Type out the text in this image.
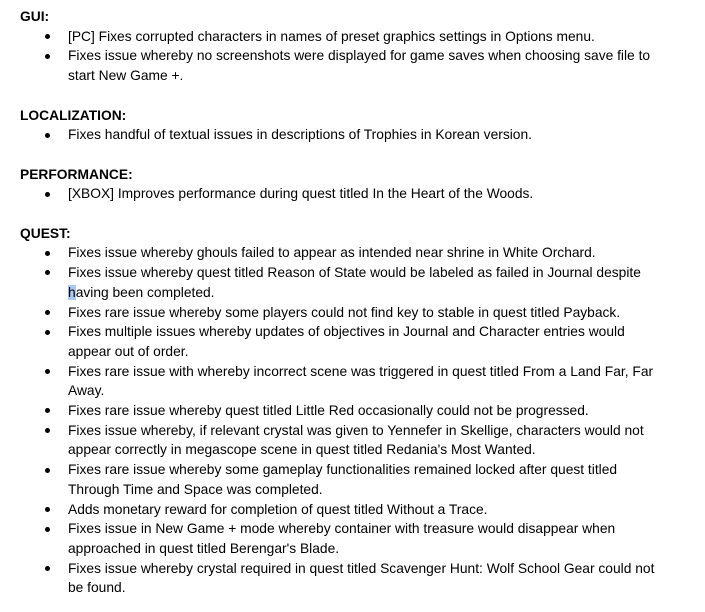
GUI:
[PC] Fixes corrupted characters in names of preset graphics settings in Options menu.
Fixes issue whereby no screenshots were displayed for game saves when choosing save file to
start New Game +.
LOCALIZATION:
Fixes handful of textual issues in descriptions of Trophies in Korean version.
PERFORMANCE:
[XBOX] Improves performance during quest titled In the Heart of the Woods.
QUEST:
Fixes issue whereby ghouls failed to appear as intended near shrine in White Orchard.
Fixes issue whereby quest titled Reason of State would be labeled as failed in Journal despite
having been completed.
Fixes rare issue whereby some players could not find key to stable in quest titled Payback.
Fixes multiple issues whereby updates of objectives in Journal and Character entries would
appear out of order.
Fixes rare issue with whereby incorrect scene was triggered in quest titled From a Land Far, Far
Away.
Fixes rare issue whereby quest titled Little Red occasionally could not be progressed.
Fixes issue whereby, if relevant crystal was given to Yennefer in Skellige, characters would not
appear correctly in megascope scene in quest titled Redania's Most Wanted.
Fixes rare issue whereby some gameplay functionalities remained locked after quest titled
Through Time and Space was completed.
Adds monetary reward for completion of quest titled Without a Trace.
Fixes issue in New Game + mode whereby container with treasure would disappear when
approached in quest titled Berengar's Blade.
Fixes issue whereby crystal required in quest titled Scavenger Hunt: Wolf School Gear could not
be found.
